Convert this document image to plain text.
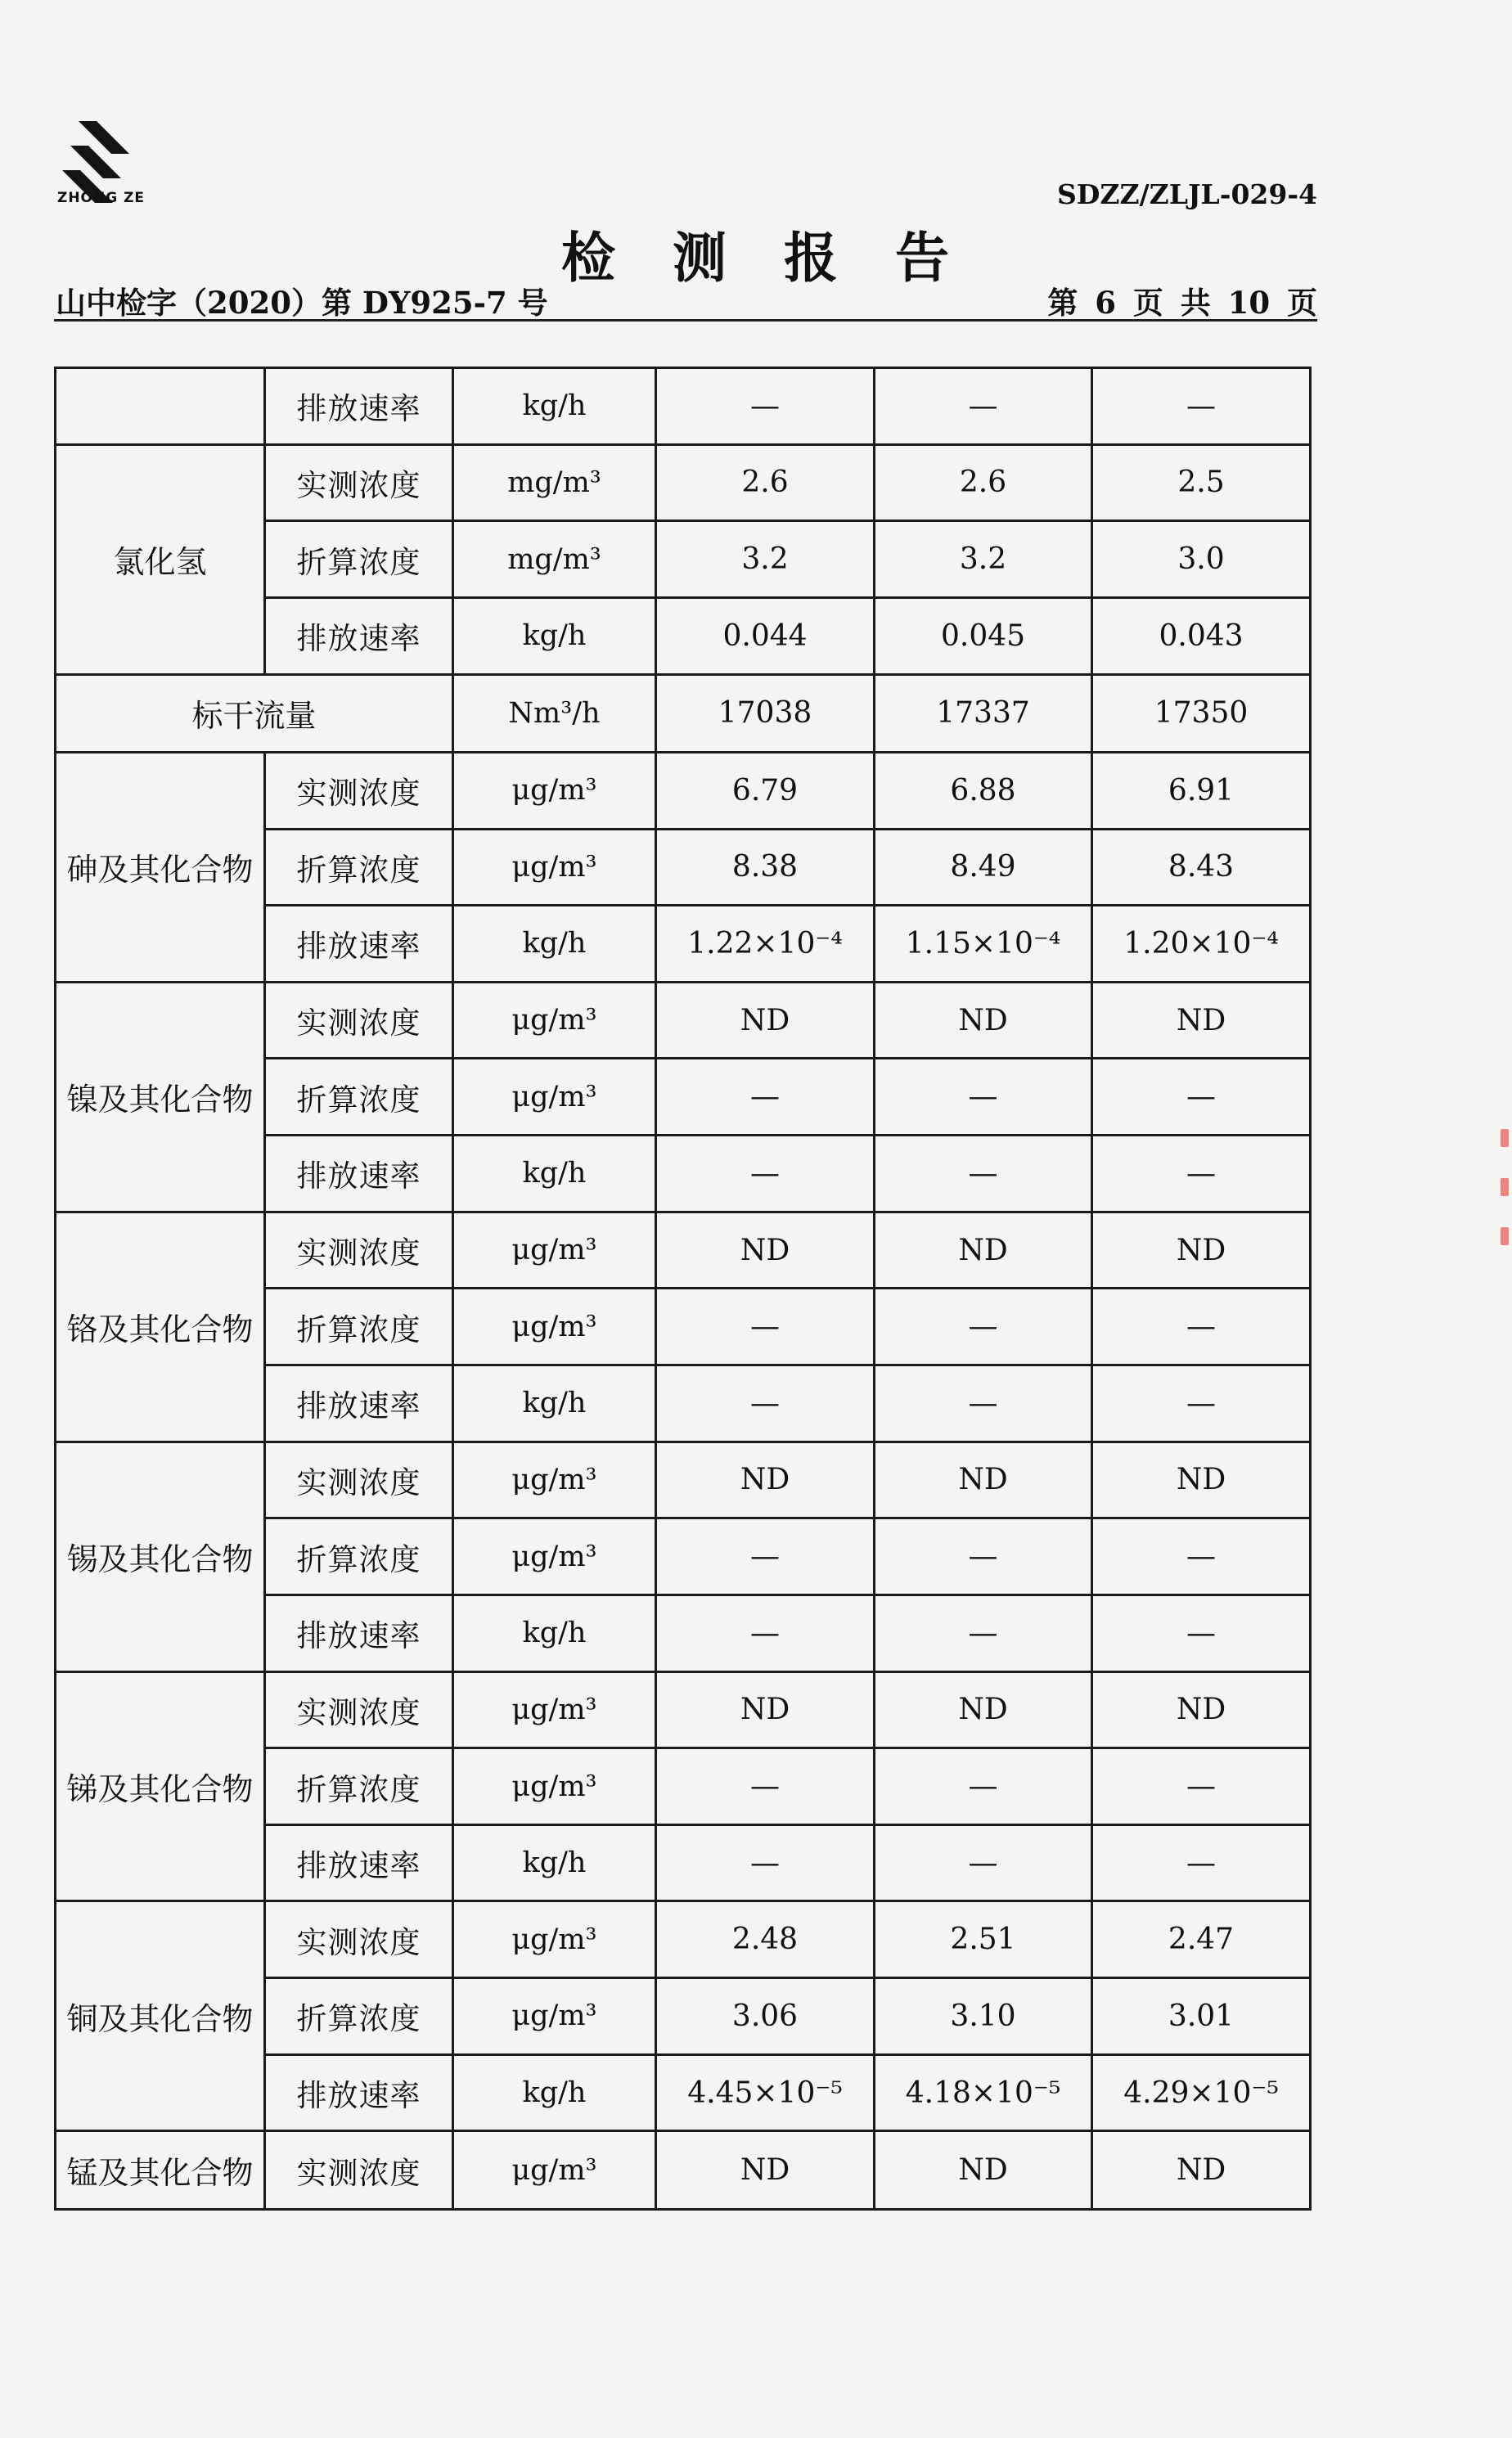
ZHONG ZE	SDZZ/ZLJL-029-4
检 测 报 告
山中检字（2020）第 DY925-7 号	第 6 页 共 10 页
	排放速率	kg/h	—	—	—
氯化氢	实测浓度	mg/m³	2.6	2.6	2.5
	折算浓度	mg/m³	3.2	3.2	3.0
	排放速率	kg/h	0.044	0.045	0.043
标干流量		Nm³/h	17038	17337	17350
砷及其化合物	实测浓度	μg/m³	6.79	6.88	6.91
	折算浓度	μg/m³	8.38	8.49	8.43
	排放速率	kg/h	1.22×10⁻⁴	1.15×10⁻⁴	1.20×10⁻⁴
镍及其化合物	实测浓度	μg/m³	ND	ND	ND
	折算浓度	μg/m³	—	—	—
	排放速率	kg/h	—	—	—
铬及其化合物	实测浓度	μg/m³	ND	ND	ND
	折算浓度	μg/m³	—	—	—
	排放速率	kg/h	—	—	—
锡及其化合物	实测浓度	μg/m³	ND	ND	ND
	折算浓度	μg/m³	—	—	—
	排放速率	kg/h	—	—	—
锑及其化合物	实测浓度	μg/m³	ND	ND	ND
	折算浓度	μg/m³	—	—	—
	排放速率	kg/h	—	—	—
铜及其化合物	实测浓度	μg/m³	2.48	2.51	2.47
	折算浓度	μg/m³	3.06	3.10	3.01
	排放速率	kg/h	4.45×10⁻⁵	4.18×10⁻⁵	4.29×10⁻⁵
锰及其化合物	实测浓度	μg/m³	ND	ND	ND
